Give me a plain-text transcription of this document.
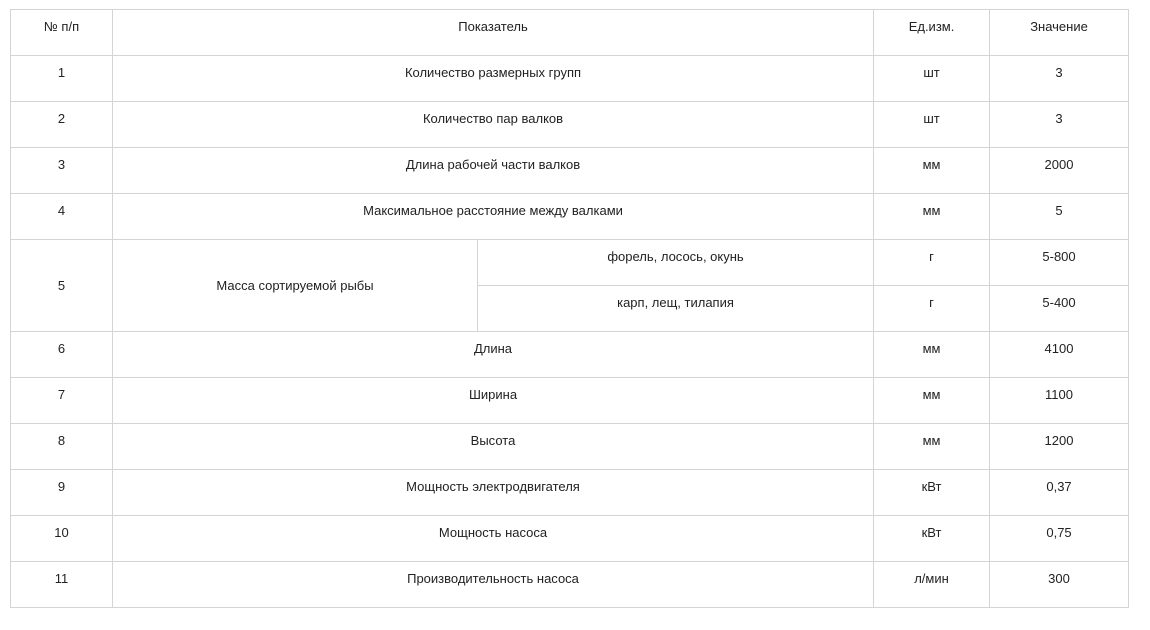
№ п/п	Показатель		Ед.изм.	Значение
1	Количество размерных групп		шт	3
2	Количество пар валков		шт	3
3	Длина рабочей части валков		мм	2000
4	Максимальное расстояние между валками		мм	5
5	Масса сортируемой рыбы	форель, лосось, окунь	г	5-800
		карп, лещ, тилапия	г	5-400
6	Длина		мм	4100
7	Ширина		мм	1100
8	Высота		мм	1200
9	Мощность электродвигателя		кВт	0,37
10	Мощность насоса		кВт	0,75
11	Производительность насоса		л/мин	300
